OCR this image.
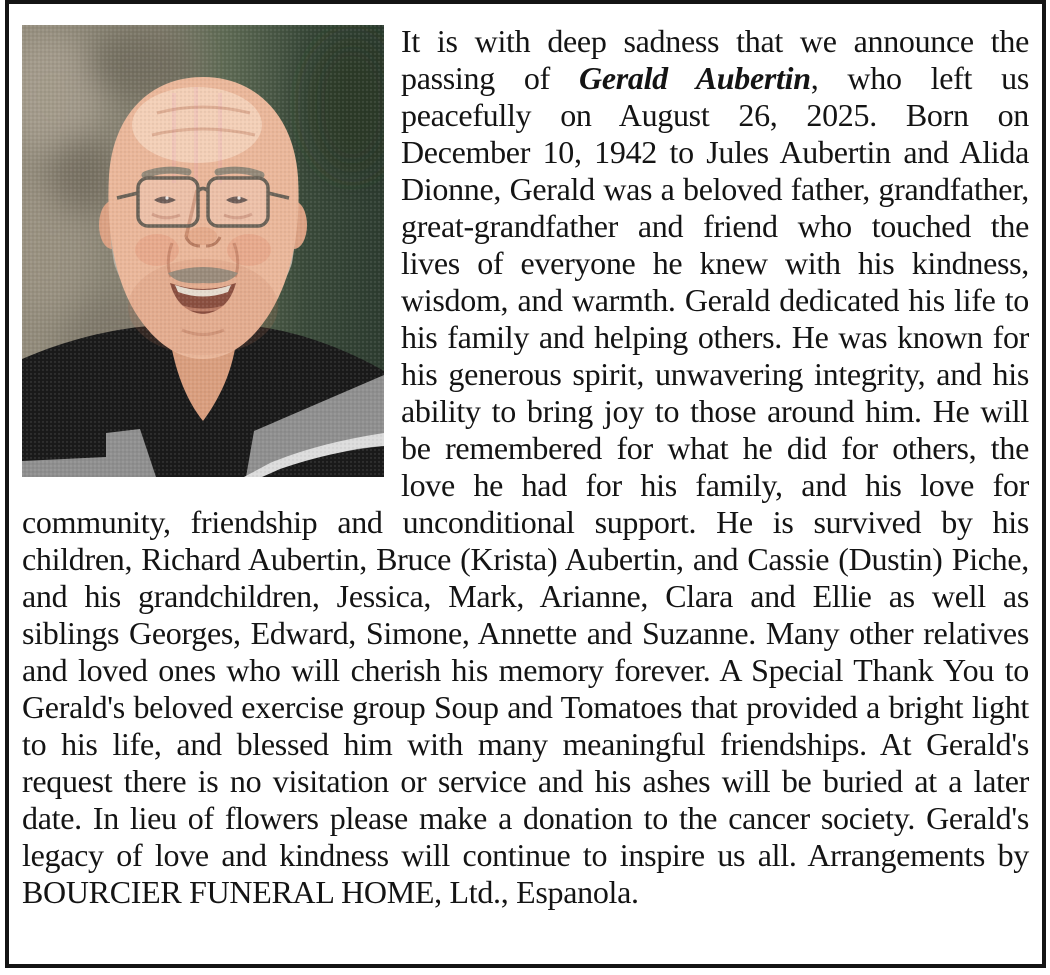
It is with deep sadness that we announce the passing of Gerald Aubertin, who left us peacefully on August 26, 2025. Born on December 10, 1942 to Jules Aubertin and Alida Dionne, Gerald was a beloved father, grandfather, great-grandfather and friend who touched the lives of everyone he knew with his kindness, wisdom, and warmth. Gerald dedicated his life to his family and helping others. He was known for his generous spirit, unwavering integrity, and his ability to bring joy to those around him. He will be remembered for what he did for others, the love he had for his family, and his love for community, friendship and unconditional support. He is survived by his children, Richard Aubertin, Bruce (Krista) Aubertin, and Cassie (Dustin) Piche, and his grandchildren, Jessica, Mark, Arianne, Clara and Ellie as well as siblings Georges, Edward, Simone, Annette and Suzanne. Many other relatives and loved ones who will cherish his memory forever. A Special Thank You to Gerald's beloved exercise group Soup and Tomatoes that provided a bright light to his life, and blessed him with many meaningful friendships. At Gerald's request there is no visitation or service and his ashes will be buried at a later date. In lieu of flowers please make a donation to the cancer society. Gerald's legacy of love and kindness will continue to inspire us all. Arrangements by BOURCIER FUNERAL HOME, Ltd., Espanola.
